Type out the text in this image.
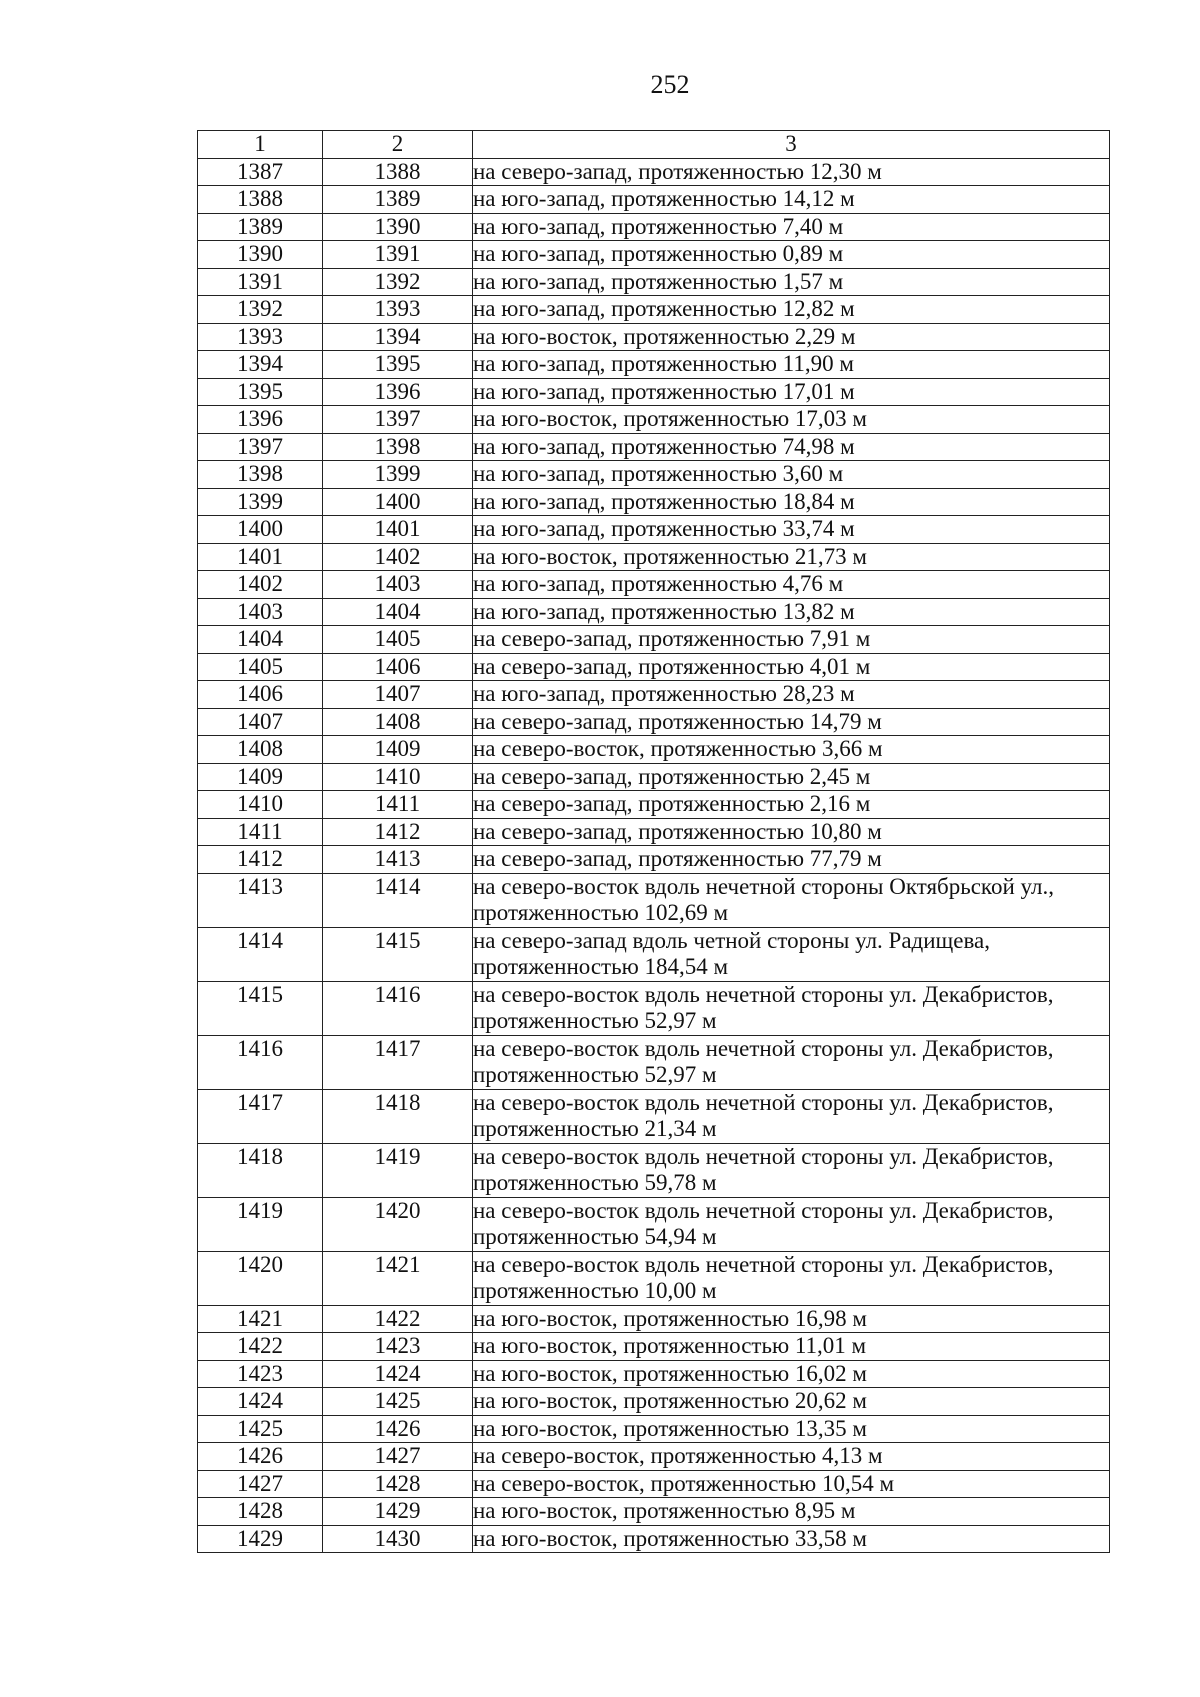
252
1	2	3
1387	1388	на северо-запад, протяженностью 12,30 м

1388	1389	на юго-запад, протяженностью 14,12 м

1389	1390	на юго-запад, протяженностью 7,40 м

1390	1391	на юго-запад, протяженностью 0,89 м

1391	1392	на юго-запад, протяженностью 1,57 м

1392	1393	на юго-запад, протяженностью 12,82 м

1393	1394	на юго-восток, протяженностью 2,29 м

1394	1395	на юго-запад, протяженностью 11,90 м

1395	1396	на юго-запад, протяженностью 17,01 м

1396	1397	на юго-восток, протяженностью 17,03 м

1397	1398	на юго-запад, протяженностью 74,98 м

1398	1399	на юго-запад, протяженностью 3,60 м

1399	1400	на юго-запад, протяженностью 18,84 м

1400	1401	на юго-запад, протяженностью 33,74 м

1401	1402	на юго-восток, протяженностью 21,73 м

1402	1403	на юго-запад, протяженностью 4,76 м

1403	1404	на юго-запад, протяженностью 13,82 м

1404	1405	на северо-запад, протяженностью 7,91 м

1405	1406	на северо-запад, протяженностью 4,01 м

1406	1407	на юго-запад, протяженностью 28,23 м

1407	1408	на северо-запад, протяженностью 14,79 м

1408	1409	на северо-восток, протяженностью 3,66 м

1409	1410	на северо-запад, протяженностью 2,45 м

1410	1411	на северо-запад, протяженностью 2,16 м

1411	1412	на северо-запад, протяженностью 10,80 м

1412	1413	на северо-запад, протяженностью 77,79 м

1413	1414	на северо-восток вдоль нечетной стороны Октябрьской ул.,
протяженностью 102,69 м

1414	1415	на северо-запад вдоль четной стороны ул. Радищева,
протяженностью 184,54 м

1415	1416	на северо-восток вдоль нечетной стороны ул. Декабристов,
протяженностью 52,97 м

1416	1417	на северо-восток вдоль нечетной стороны ул. Декабристов,
протяженностью 52,97 м

1417	1418	на северо-восток вдоль нечетной стороны ул. Декабристов,
протяженностью 21,34 м

1418	1419	на северо-восток вдоль нечетной стороны ул. Декабристов,
протяженностью 59,78 м

1419	1420	на северо-восток вдоль нечетной стороны ул. Декабристов,
протяженностью 54,94 м

1420	1421	на северо-восток вдоль нечетной стороны ул. Декабристов,
протяженностью 10,00 м

1421	1422	на юго-восток, протяженностью 16,98 м

1422	1423	на юго-восток, протяженностью 11,01 м

1423	1424	на юго-восток, протяженностью 16,02 м

1424	1425	на юго-восток, протяженностью 20,62 м

1425	1426	на юго-восток, протяженностью 13,35 м

1426	1427	на северо-восток, протяженностью 4,13 м

1427	1428	на северо-восток, протяженностью 10,54 м

1428	1429	на юго-восток, протяженностью 8,95 м

1429	1430	на юго-восток, протяженностью 33,58 м
